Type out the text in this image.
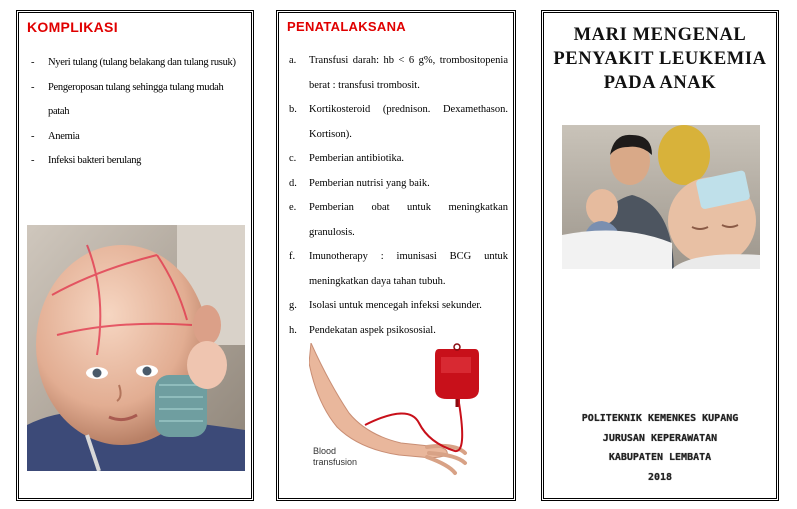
KOMPLIKASI
- Nyeri tulang (tulang belakang dan tulang rusuk)
- Pengeroposan tulang sehingga tulang mudah patah
- Anemia
- Infeksi bakteri berulang
PENATALAKSANA
a. Transfusi darah: hb < 6 g%, trombositopenia berat : transfusi trombosit.
b. Kortikosteroid (prednison. Dexamethason. Kortison).
c. Pemberian antibiotika.
d. Pemberian nutrisi yang baik.
e. Pemberian obat untuk meningkatkan granulosis.
f. Imunotherapy : imunisasi BCG untuk meningkatkan daya tahan tubuh.
g. Isolasi untuk mencegah infeksi sekunder.
h. Pendekatan aspek psikososial.
Blood
transfusion
MARI MENGENAL
PENYAKIT LEUKEMIA
PADA ANAK
POLITEKNIK KEMENKES KUPANG
JURUSAN KEPERAWATAN
KABUPATEN LEMBATA
2018
